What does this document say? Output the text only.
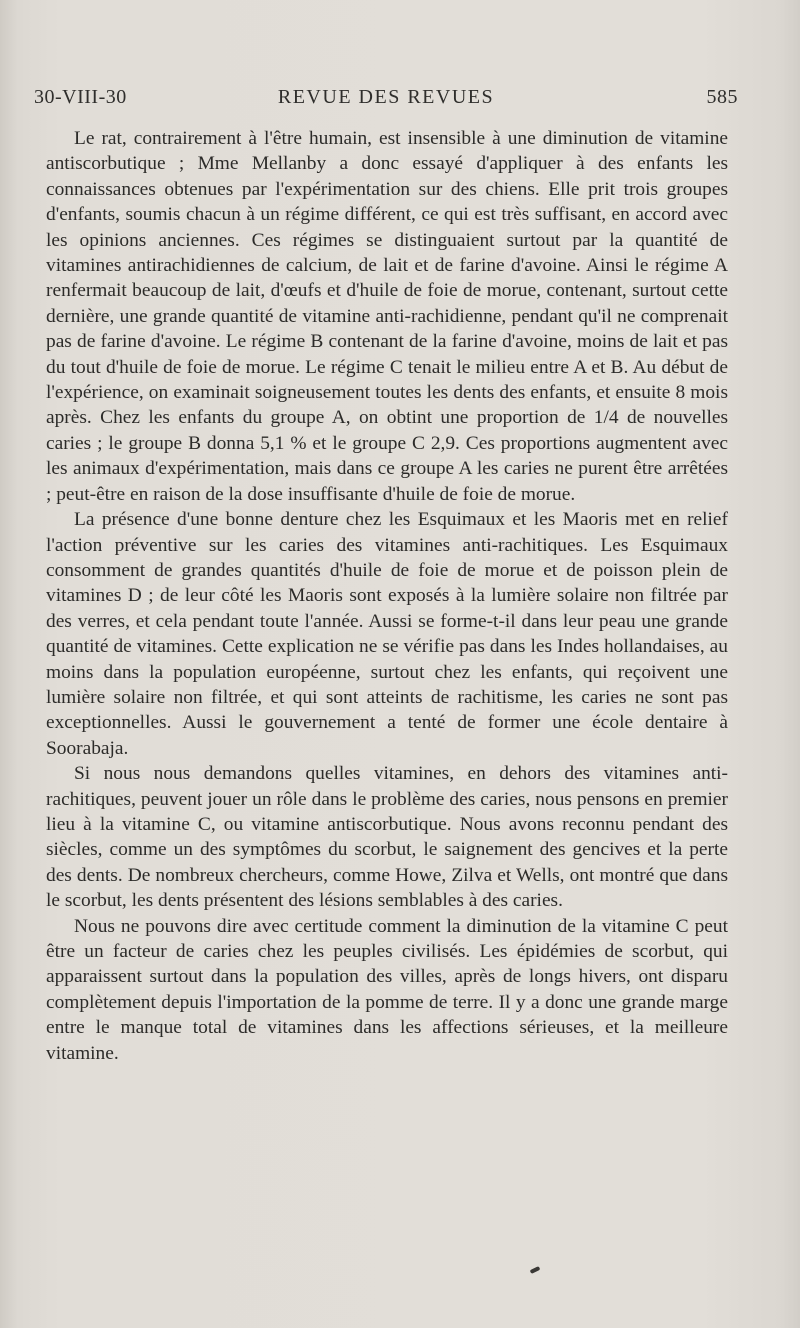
30-VIII-30	REVUE DES REVUES	585

Le rat, contrairement à l'être humain, est insensible à une diminution de vitamine antiscorbutique ; Mme Mellanby a donc essayé d'appliquer à des enfants les connaissances obtenues par l'expérimentation sur des chiens. Elle prit trois groupes d'enfants, soumis chacun à un régime différent, ce qui est très suffisant, en accord avec les opinions anciennes. Ces régimes se distinguaient surtout par la quantité de vitamines antirachidiennes de calcium, de lait et de farine d'avoine. Ainsi le régime A renfermait beaucoup de lait, d'œufs et d'huile de foie de morue, contenant, surtout cette dernière, une grande quantité de vitamine anti-rachidienne, pendant qu'il ne comprenait pas de farine d'avoine. Le régime B contenant de la farine d'avoine, moins de lait et pas du tout d'huile de foie de morue. Le régime C tenait le milieu entre A et B. Au début de l'expérience, on examinait soigneusement toutes les dents des enfants, et ensuite 8 mois après. Chez les enfants du groupe A, on obtint une proportion de 1/4 de nouvelles caries ; le groupe B donna 5,1 % et le groupe C 2,9. Ces proportions augmentent avec les animaux d'expérimentation, mais dans ce groupe A les caries ne purent être arrêtées ; peut-être en raison de la dose insuffisante d'huile de foie de morue.

La présence d'une bonne denture chez les Esquimaux et les Maoris met en relief l'action préventive sur les caries des vitamines anti-rachitiques. Les Esquimaux consomment de grandes quantités d'huile de foie de morue et de poisson plein de vitamines D ; de leur côté les Maoris sont exposés à la lumière solaire non filtrée par des verres, et cela pendant toute l'année. Aussi se forme-t-il dans leur peau une grande quantité de vitamines. Cette explication ne se vérifie pas dans les Indes hollandaises, au moins dans la population européenne, surtout chez les enfants, qui reçoivent une lumière solaire non filtrée, et qui sont atteints de rachitisme, les caries ne sont pas exceptionnelles. Aussi le gouvernement a tenté de former une école dentaire à Soorabaja.

Si nous nous demandons quelles vitamines, en dehors des vitamines anti-rachitiques, peuvent jouer un rôle dans le problème des caries, nous pensons en premier lieu à la vitamine C, ou vitamine antiscorbutique. Nous avons reconnu pendant des siècles, comme un des symptômes du scorbut, le saignement des gencives et la perte des dents. De nombreux chercheurs, comme Howe, Zilva et Wells, ont montré que dans le scorbut, les dents présentent des lésions semblables à des caries.

Nous ne pouvons dire avec certitude comment la diminution de la vitamine C peut être un facteur de caries chez les peuples civilisés. Les épidémies de scorbut, qui apparaissent surtout dans la population des villes, après de longs hivers, ont disparu complètement depuis l'importation de la pomme de terre. Il y a donc une grande marge entre le manque total de vitamines dans les affections sérieuses, et la meilleure vitamine.
